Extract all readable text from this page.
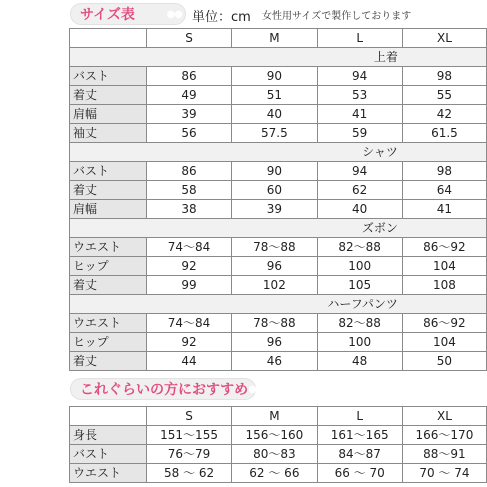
サイズ表	●● 単位：cm 女性用サイズで製作しております
	S	M	L	XL
			上着	
バスト	86	90	94	98
着丈	49	51	53	55
肩幅	39	40	41	42
袖丈	56	57.5	59	61.5
			シャツ	
バスト	86	90	94	98
着丈	58	60	62	64
肩幅	38	39	40	41
			ズボン	
ウエスト	74～84	78～88	82～88	86～92
ヒップ	92	96	100	104
着丈	99	102	105	108
			ハーフパンツ	
ウエスト	74～84	78～88	82～88	86～92
ヒップ	92	96	100	104
着丈	44	46	48	50
これぐらいの方におすすめ ●●
	S	M	L	XL
身長	151～155	156～160	161～165	166～170
バスト	76～79	80～83	84～87	88～91
ウエスト	58 ～ 62	62 ～ 66	66 ～ 70	70 ～ 74
